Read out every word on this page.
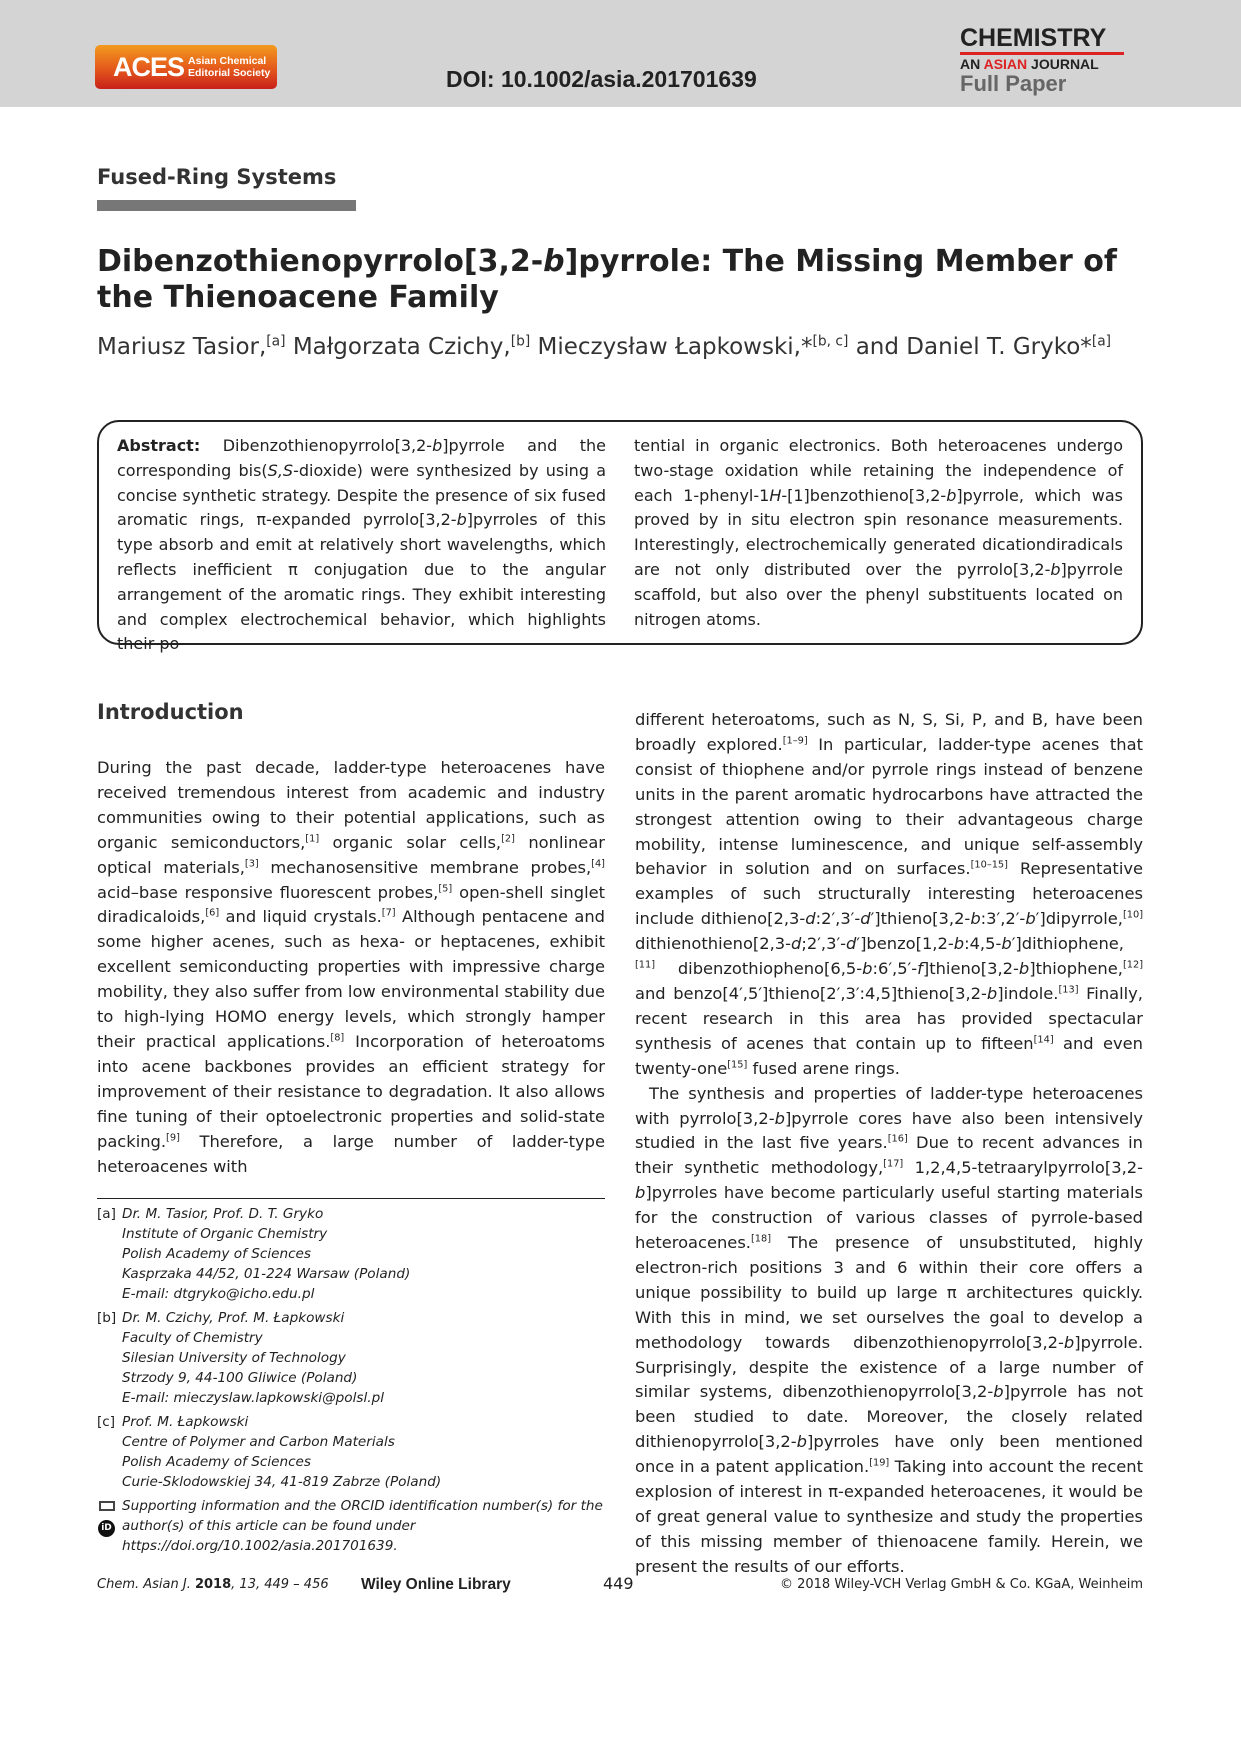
ACES Asian Chemical
Editorial Society	DOI: 10.1002/asia.201701639
CHEMISTRY
AN ASIAN JOURNAL
Full Paper
Fused-Ring Systems
Dibenzothienopyrrolo[3,2-b]pyrrole: The Missing Member of the Thienoacene Family
Mariusz Tasior,[a] Małgorzata Czichy,[b] Mieczysław Łapkowski,*[b, c] and Daniel T. Gryko*[a]
Abstract: Dibenzothienopyrrolo[3,2-b]pyrrole and the corresponding bis(S,S-dioxide) were synthesized by using a concise synthetic strategy. Despite the presence of six fused aromatic rings, π-expanded pyrrolo[3,2-b]pyrroles of this type absorb and emit at relatively short wavelengths, which reflects inefficient π conjugation due to the angular arrangement of the aromatic rings. They exhibit interesting and complex electrochemical behavior, which highlights their po-
tential in organic electronics. Both heteroacenes undergo two-stage oxidation while retaining the independence of each 1-phenyl-1H-[1]benzothieno[3,2-b]pyrrole, which was proved by in situ electron spin resonance measurements. Interestingly, electrochemically generated dicationdiradicals are not only distributed over the pyrrolo[3,2-b]pyrrole scaffold, but also over the phenyl substituents located on nitrogen atoms.
Introduction

During the past decade, ladder-type heteroacenes have received tremendous interest from academic and industry communities owing to their potential applications, such as organic semiconductors,[1] organic solar cells,[2] nonlinear optical materials,[3] mechanosensitive membrane probes,[4] acid–base responsive fluorescent probes,[5] open-shell singlet diradicaloids,[6] and liquid crystals.[7] Although pentacene and some higher acenes, such as hexa- or heptacenes, exhibit excellent semiconducting properties with impressive charge mobility, they also suffer from low environmental stability due to high-lying HOMO energy levels, which strongly hamper their practical applications.[8] Incorporation of heteroatoms into acene backbones provides an efficient strategy for improvement of their resistance to degradation. It also allows fine tuning of their optoelectronic properties and solid-state packing.[9] Therefore, a large number of ladder-type heteroacenes with

different heteroatoms, such as N, S, Si, P, and B, have been broadly explored.[1–9] In particular, ladder-type acenes that consist of thiophene and/or pyrrole rings instead of benzene units in the parent aromatic hydrocarbons have attracted the strongest attention owing to their advantageous charge mobility, intense luminescence, and unique self-assembly behavior in solution and on surfaces.[10–15] Representative examples of such structurally interesting heteroacenes include dithieno[2,3-d:2′,3′-d′]thieno[3,2-b:3′,2′-b′]dipyrrole,[10] dithienothieno[2,3-d;2′,3′-d′]benzo[1,2-b:4,5-b′]dithiophene,[11] dibenzothiopheno[6,5-b:6′,5′-f]thieno[3,2-b]thiophene,[12] and benzo[4′,5′]thieno[2′,3′:4,5]thieno[3,2-b]indole.[13] Finally, recent research in this area has provided spectacular synthesis of acenes that contain up to fifteen[14] and even twenty-one[15] fused arene rings.

The synthesis and properties of ladder-type heteroacenes with pyrrolo[3,2-b]pyrrole cores have also been intensively studied in the last five years.[16] Due to recent advances in their synthetic methodology,[17] 1,2,4,5-tetraarylpyrrolo[3,2-b]pyrroles have become particularly useful starting materials for the construction of various classes of pyrrole-based heteroacenes.[18] The presence of unsubstituted, highly electron-rich positions 3 and 6 within their core offers a unique possibility to build up large π architectures quickly. With this in mind, we set ourselves the goal to develop a methodology towards dibenzothienopyrrolo[3,2-b]pyrrole. Surprisingly, despite the existence of a large number of similar systems, dibenzothienopyrrolo[3,2-b]pyrrole has not been studied to date. Moreover, the closely related dithienopyrrolo[3,2-b]pyrroles have only been mentioned once in a patent application.[19] Taking into account the recent explosion of interest in π-expanded heteroacenes, it would be of great general value to synthesize and study the properties of this missing member of thienoacene family. Herein, we present the results of our efforts.

[a] Dr. M. Tasior, Prof. D. T. Gryko
Institute of Organic Chemistry
Polish Academy of Sciences
Kasprzaka 44/52, 01-224 Warsaw (Poland)
E-mail: dtgryko@icho.edu.pl
[b] Dr. M. Czichy, Prof. M. Łapkowski
Faculty of Chemistry
Silesian University of Technology
Strzody 9, 44-100 Gliwice (Poland)
E-mail: mieczyslaw.lapkowski@polsl.pl
[c] Prof. M. Łapkowski
Centre of Polymer and Carbon Materials
Polish Academy of Sciences
Curie-Sklodowskiej 34, 41-819 Zabrze (Poland)
iD
Supporting information and the ORCID identification number(s) for the author(s) of this article can be found under https://doi.org/10.1002/asia.201701639.
Chem. Asian J. 2018, 13, 449 – 456 Wiley Online Library	449	© 2018 Wiley-VCH Verlag GmbH & Co. KGaA, Weinheim
